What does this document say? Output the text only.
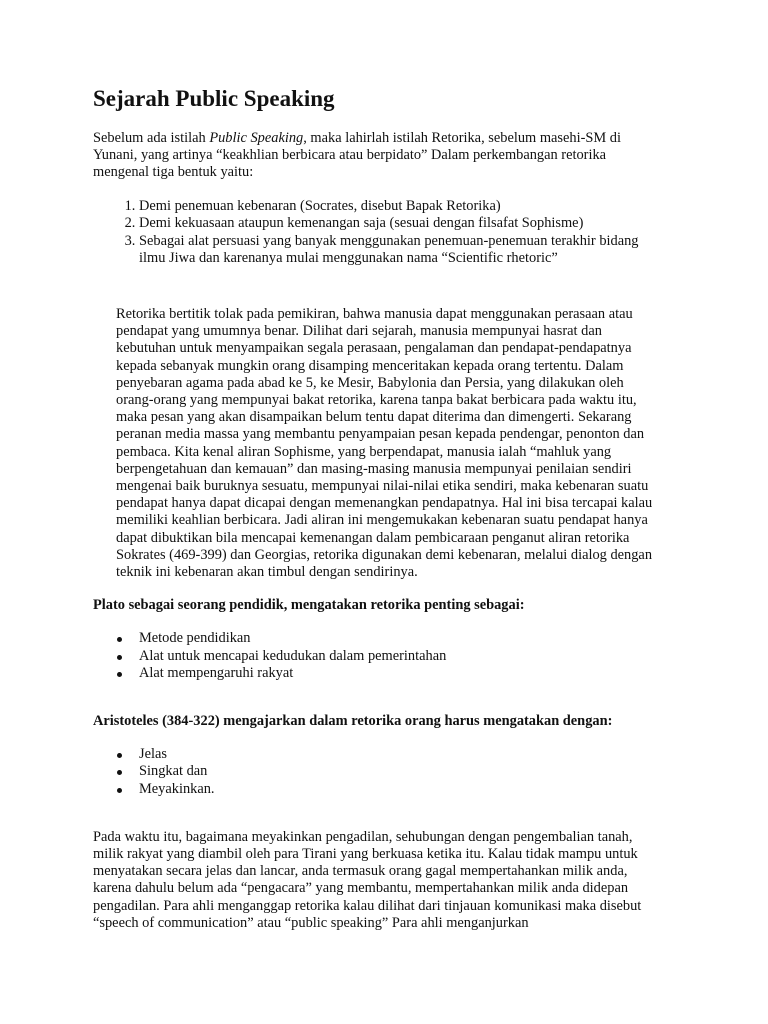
Sejarah Public Speaking

Sebelum ada istilah Public Speaking, maka lahirlah istilah Retorika, sebelum masehi-SM di Yunani, yang artinya “keakhlian berbicara atau berpidato” Dalam perkembangan retorika mengenal tiga bentuk yaitu:

1. Demi penemuan kebenaran (Socrates, disebut Bapak Retorika)
2. Demi kekuasaan ataupun kemenangan saja (sesuai dengan filsafat Sophisme)
3. Sebagai alat persuasi yang banyak menggunakan penemuan-penemuan terakhir bidang ilmu Jiwa dan karenanya mulai menggunakan nama “Scientific rhetoric”

Retorika bertitik tolak pada pemikiran, bahwa manusia dapat menggunakan perasaan atau pendapat yang umumnya benar. Dilihat dari sejarah, manusia mempunyai hasrat dan kebutuhan untuk menyampaikan segala perasaan, pengalaman dan pendapat-pendapatnya kepada sebanyak mungkin orang disamping menceritakan kepada orang tertentu. Dalam penyebaran agama pada abad ke 5, ke Mesir, Babylonia dan Persia, yang dilakukan oleh orang-orang yang mempunyai bakat retorika, karena tanpa bakat berbicara pada waktu itu, maka pesan yang akan disampaikan belum tentu dapat diterima dan dimengerti. Sekarang peranan media massa yang membantu penyampaian pesan kepada pendengar, penonton dan pembaca. Kita kenal aliran Sophisme, yang berpendapat, manusia ialah “mahluk yang berpengetahuan dan kemauan” dan masing-masing manusia mempunyai penilaian sendiri mengenai baik buruknya sesuatu, mempunyai nilai-nilai etika sendiri, maka kebenaran suatu pendapat hanya dapat dicapai dengan memenangkan pendapatnya. Hal ini bisa tercapai kalau memiliki keahlian berbicara. Jadi aliran ini mengemukakan kebenaran suatu pendapat hanya dapat dibuktikan bila mencapai kemenangan dalam pembicaraan penganut aliran retorika Sokrates (469-399) dan Georgias, retorika digunakan demi kebenaran, melalui dialog dengan teknik ini kebenaran akan timbul dengan sendirinya.

Plato sebagai seorang pendidik, mengatakan retorika penting sebagai:

Metode pendidikan
Alat untuk mencapai kedudukan dalam pemerintahan
Alat mempengaruhi rakyat

Aristoteles (384-322) mengajarkan dalam retorika orang harus mengatakan dengan:

Jelas
Singkat dan
Meyakinkan.

Pada waktu itu, bagaimana meyakinkan pengadilan, sehubungan dengan pengembalian tanah, milik rakyat yang diambil oleh para Tirani yang berkuasa ketika itu. Kalau tidak mampu untuk menyatakan secara jelas dan lancar, anda termasuk orang gagal mempertahankan milik anda, karena dahulu belum ada “pengacara” yang membantu, mempertahankan milik anda didepan pengadilan. Para ahli menganggap retorika kalau dilihat dari tinjauan komunikasi maka disebut “speech of communication” atau “public speaking” Para ahli menganjurkan
